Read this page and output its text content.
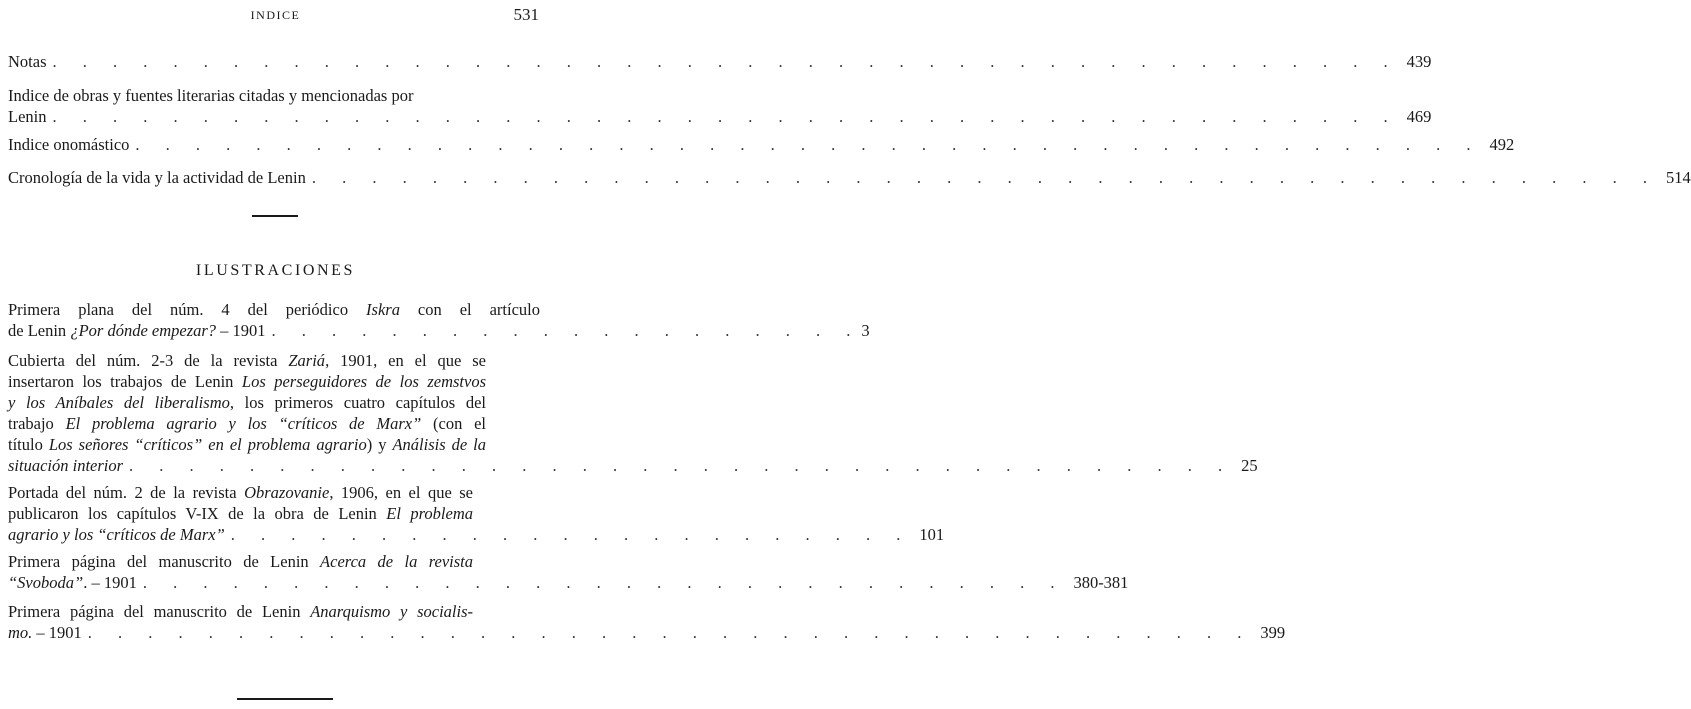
INDICE	531
Notas . . . . . . . . . . . . . . . . . . . . . . . . . . . . . . . . . . . . . . . . . . . . . 439
Indice de obras y fuentes literarias citadas y mencionadas por
Lenin . . . . . . . . . . . . . . . . . . . . . . . . . . . . . . . . . . . . . . . . . . . . . 469
Indice onomástico . . . . . . . . . . . . . . . . . . . . . . . . . . . . . . . . . . . . . . . . . . . . . 492
Cronología de la vida y la actividad de Lenin . . . . . . . . . . . . . . . . . . . . . . . . . . . . . . . . . . . . . . . . . . . . . 514
ILUSTRACIONES
Primera plana del núm. 4 del periódico Iskra con el artículo
de Lenin ¿Por dónde empezar? – 1901 . . . . . . . . . . . . . . . . . . . . 3
Cubierta del núm. 2-3 de la revista Zariá, 1901, en el que se
insertaron los trabajos de Lenin Los perseguidores de los zemstvos
y los Aníbales del liberalismo, los primeros cuatro capítulos del
trabajo El problema agrario y los “críticos de Marx” (con el
título Los señores “críticos” en el problema agrario) y Análisis de la
situación interior . . . . . . . . . . . . . . . . . . . . . . . . . . . . . . . . . . . . . 25
Portada del núm. 2 de la revista Obrazovanie, 1906, en el que se
publicaron los capítulos V-IX de la obra de Lenin El problema
agrario y los “críticos de Marx” . . . . . . . . . . . . . . . . . . . . . . . 101
Primera página del manuscrito de Lenin Acerca de la revista
“Svoboda”. – 1901 . . . . . . . . . . . . . . . . . . . . . . . . . . . . . . . 380-381
Primera página del manuscrito de Lenin Anarquismo y socialis-
mo. – 1901 . . . . . . . . . . . . . . . . . . . . . . . . . . . . . . . . . . . . . . . 399
